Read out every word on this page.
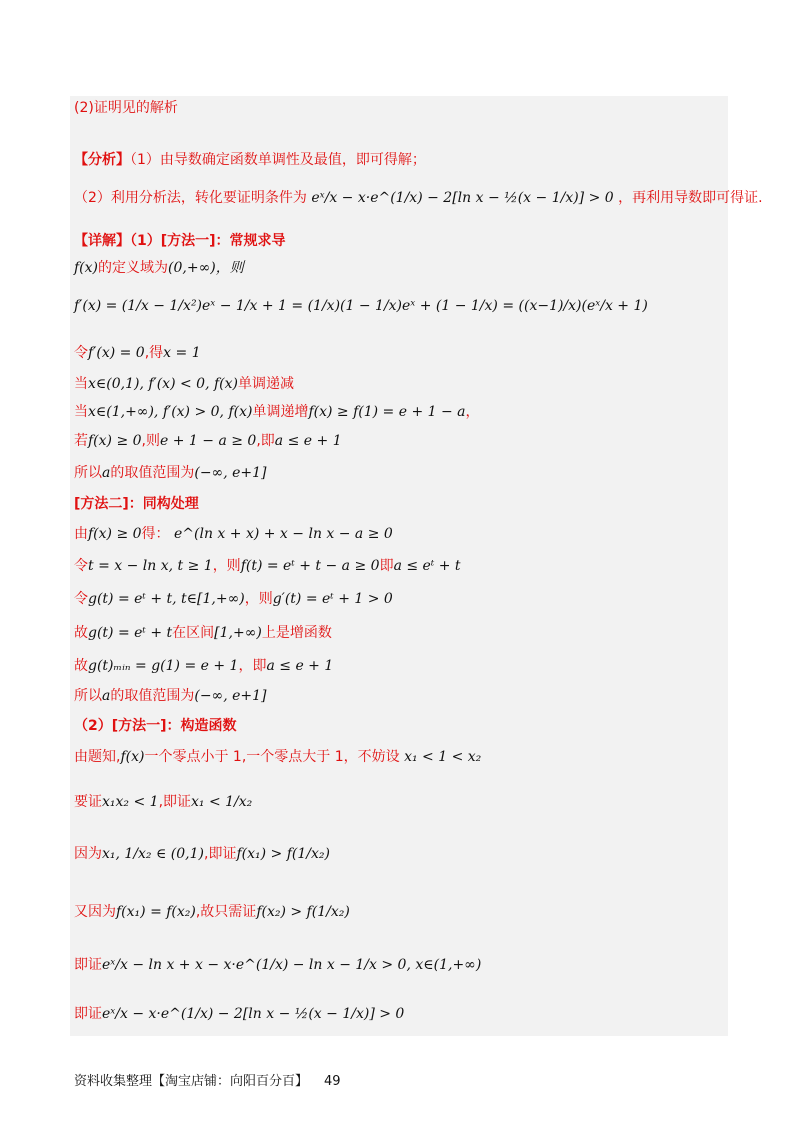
(2)证明见的解析
【分析】（1）由导数确定函数单调性及最值，即可得解；
（2）利用分析法，转化要证明条件为 eˣ/x − x·e^(1/x) − 2[ln x − ½(x − 1/x)] > 0 ，再利用导数即可得证.
【详解】（1）[方法一]：常规求导
f(x)的定义域为(0,+∞)，则
f′(x) = (1/x − 1/x²)eˣ − 1/x + 1 = (1/x)(1 − 1/x)eˣ + (1 − 1/x) = ((x−1)/x)(eˣ/x + 1)
令f′(x) = 0,得x = 1
当x∈(0,1), f′(x) < 0, f(x)单调递减
当x∈(1,+∞), f′(x) > 0, f(x)单调递增f(x) ≥ f(1) = e + 1 − a，
若f(x) ≥ 0,则e + 1 − a ≥ 0,即a ≤ e + 1
所以a的取值范围为(−∞, e+1]
[方法二]：同构处理
由f(x) ≥ 0得： e^(ln x + x) + x − ln x − a ≥ 0
令t = x − ln x, t ≥ 1，则f(t) = eᵗ + t − a ≥ 0即a ≤ eᵗ + t
令g(t) = eᵗ + t, t∈[1,+∞)，则g′(t) = eᵗ + 1 > 0
故g(t) = eᵗ + t在区间[1,+∞)上是增函数
故g(t)ₘᵢₙ = g(1) = e + 1，即a ≤ e + 1
所以a的取值范围为(−∞, e+1]
（2）[方法一]：构造函数
由题知,f(x)一个零点小于 1,一个零点大于 1，不妨设 x₁ < 1 < x₂
要证x₁x₂ < 1,即证x₁ < 1/x₂
因为x₁, 1/x₂ ∈ (0,1),即证f(x₁) > f(1/x₂)
又因为f(x₁) = f(x₂),故只需证f(x₂) > f(1/x₂)
即证eˣ/x − ln x + x − x·e^(1/x) − ln x − 1/x > 0, x∈(1,+∞)
即证eˣ/x − x·e^(1/x) − 2[ln x − ½(x − 1/x)] > 0
资料收集整理【淘宝店铺：向阳百分百】 49
